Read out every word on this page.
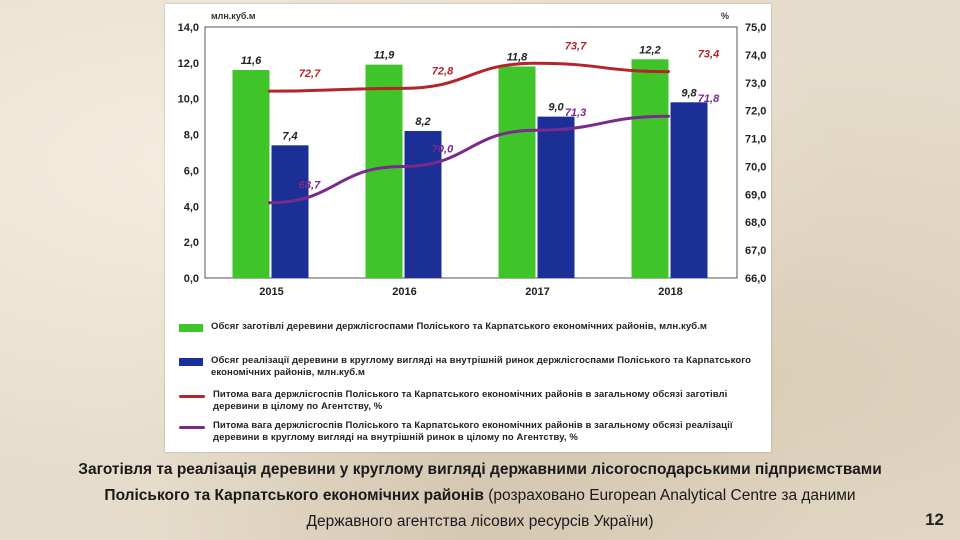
0,0
2,0
4,0
6,0
8,0
10,0
12,0
14,0
66,0
67,0
68,0
69,0
70,0
71,0
72,0
73,0
74,0
75,0
млн.куб.м	%
2015	2016	2017	2018
11,6	11,9	11,8
12,2
7,4
8,2
9,0
9,8
72,7	72,8
73,7
73,4
68,7
70,0
71,3
71,8
Обсяг заготівлі деревини держлісгоспами Поліського та Карпатського економічних районів, млн.куб.м
Обсяг реалізації деревини в круглому вигляді на внутрішній ринок держлісгоспами Поліського та Карпатського економічних районів, млн.куб.м
Питома вага держлісгоспів Поліського та Карпатського економічних районів в загальному обсязі заготівлі деревини в цілому по Агентству, %
Питома вага держлісгоспів Поліського та Карпатського економічних районів в загальному обсязі реалізації деревини в круглому вигляді на внутрішній ринок в цілому по Агентству, %
Заготівля та реалізація деревини у круглому вигляді державними лісогосподарськими підприємствами Поліського та Карпатського економічних районів (розраховано European Analytical Centre за даними Державного агентства лісових ресурсів України)	12
